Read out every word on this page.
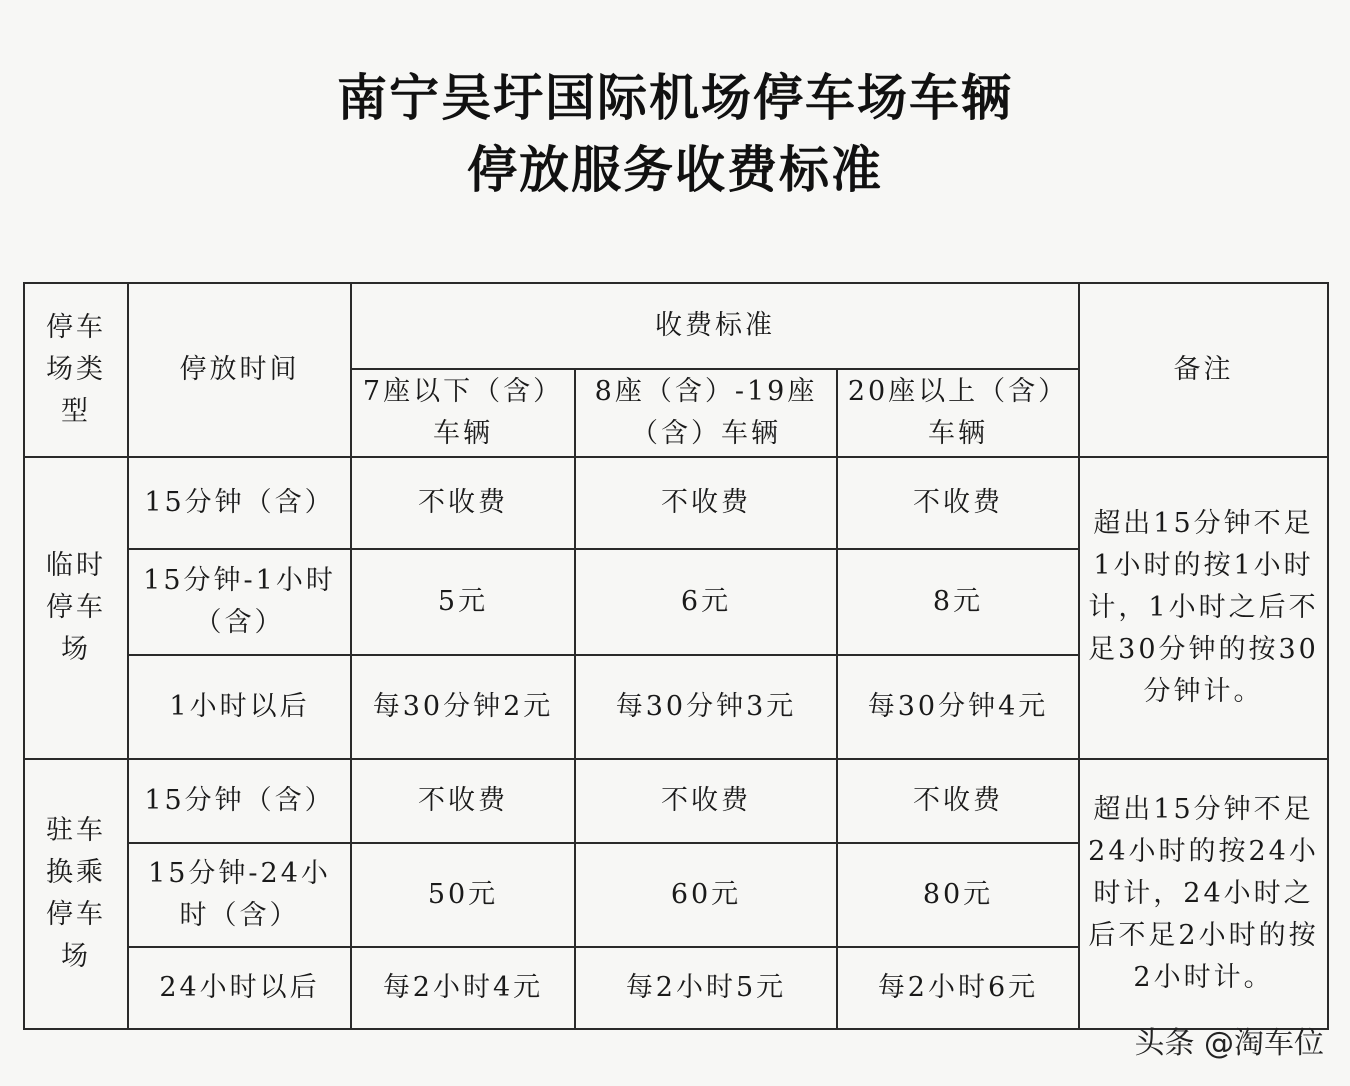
南宁吴圩国际机场停车场车辆
停放服务收费标准
停车场类型	停放时间	收费标准			备注
		7座以下（含）车辆	8座（含）-19座（含）车辆	20座以上（含）车辆	
临时停车场	15分钟（含）	不收费	不收费	不收费	超出15分钟不足1小时的按1小时计，1小时之后不足30分钟的按30分钟计。
	15分钟-1小时（含）	5元	6元	8元	
	1小时以后	每30分钟2元	每30分钟3元	每30分钟4元	
驻车换乘停车场	15分钟（含）	不收费	不收费	不收费	超出15分钟不足24小时的按24小时计，24小时之后不足2小时的按2小时计。
	15分钟-24小时（含）	50元	60元	80元	
	24小时以后	每2小时4元	每2小时5元	每2小时6元	
头条 @淘车位
